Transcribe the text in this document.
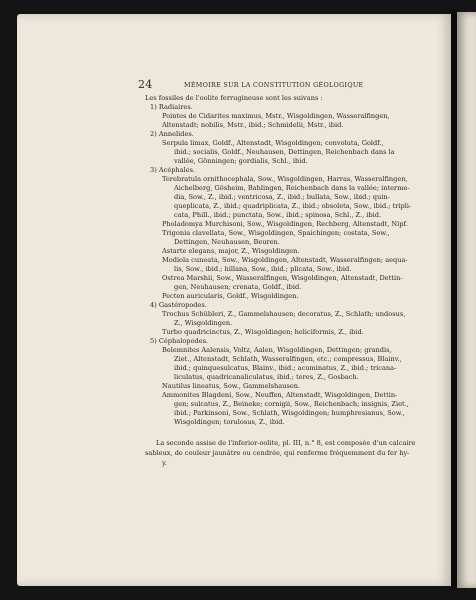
24	MÉMOIRE SUR LA CONSTITUTION GÉOLOGIQUE
Les fossiles de l'oolite ferrugineuse sont les suivans :
1) Radiaires.
Pointes de Cidarites maximus, Mstr., Wisgoldingen, Wasseralfingen,
Altenstadt; nobilis, Mstr., ibid.; Schmidelii, Mstr., ibid.
2) Annelides.
Serpula limax, Goldf., Altenstadt, Wisgoldingen; convoluta, Goldf.,
ibid.; socialis, Goldf., Neuhausen, Dettingen, Reichenbach dans la
vallée, Gönningen; gordialis, Schl., ibid.
3) Acéphales.
Terebratula ornithocephala, Sow., Wisgoldingen, Harras, Wasseralfingen,
Aichelberg, Gösheim, Bahlingen, Reichenbach dans la vallée; interme-
dia, Sow., Z., ibid.; ventricosa, Z., ibid.; bullata, Sow., ibid.; quin-
queplicata, Z., ibid.; quadriplicata, Z., ibid.; obsoleta, Sow., ibid.; tripli-
cata, Phill., ibid.; punctata, Sow., ibid.; spinosa, Schl., Z., ibid.
Pholadomya Murchisoni, Sow., Wisgoldingen, Rechberg, Altenstadt, Nipf.
Trigonia clavellata, Sow., Wisgoldingen, Spaichingen; costata, Sow.,
Dettingen, Neuhausen, Beuren.
Astarte elegans, major, Z., Wisgoldingen.
Modiola cuneata, Sow., Wisgoldingen, Altenstadt, Wasseralfingen; aequa-
lis, Sow., ibid.; hillana, Sow., ibid.; plicata, Sow., ibid.
Ostrea Marshii, Sow., Wasseralfingen, Wisgoldingen, Altenstadt, Dettin-
gen, Neuhausen; crenata, Goldf., ibid.
Pecten auricularis, Goldf., Wisgoldingen.
4) Gastéropodes.
Trochus Schübleri, Z., Gammelshausen; decoratus, Z., Schlath; undosus,
Z., Wisgoldingen.
Turbo quadricinctus, Z., Wisgoldingen; heliciformis, Z., ibid.
5) Céphalopodes.
Belemnites Aalensis, Voltz, Aalen, Wisgoldingen, Dettingen; grandis,
Ziet., Altenstadt, Schlath, Wasseralfingen, etc.; compressus, Blainv.,
ibid.; quinquesulcatus, Blainv., ibid.; acuminatus, Z., ibid.; tricana-
liculatus, quadricanaliculatus, ibid.; teres, Z., Gosbach.
Nautilus lineatus, Sow., Gammelshausen.
Ammonites Blagdeni, Sow., Neuffen, Altenstadt, Wisgoldingen, Dettin-
gen; sulcatus, Z., Beineke; cornigii, Sow., Reichenbach; insignis, Ziet.,
ibid.; Parkinsoni, Sow., Schlath, Wisgoldingen; humphresianus, Sow.,
Wisgoldingen; torulosus, Z., ibid.
La seconde assise de l'inferior-oolite, pl. III, n.° 8, est composée d'un calcaire
sableux, de couleur jaunâtre ou cendrée, qui renferme fréquemment du fer hy-
y.
